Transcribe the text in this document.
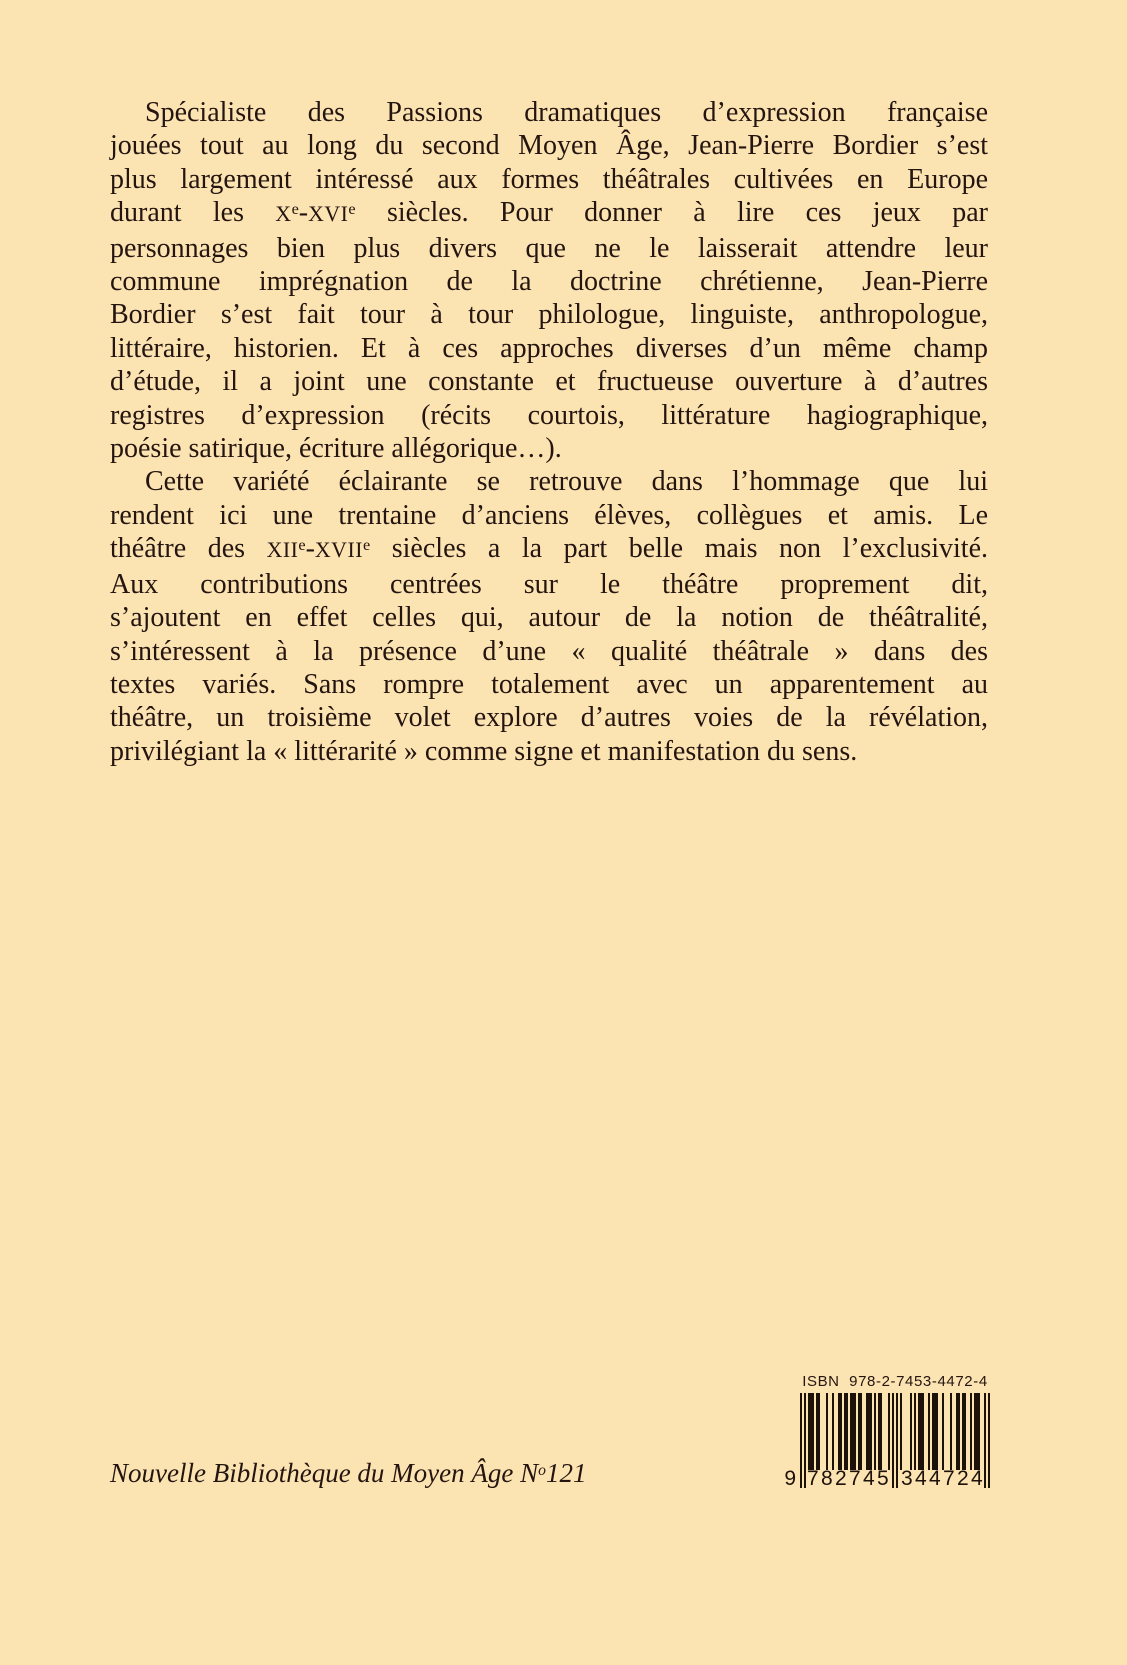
Spécialiste des Passions dramatiques d’expression française
jouées tout au long du second Moyen Âge, Jean-Pierre Bordier s’est
plus largement intéressé aux formes théâtrales cultivées en Europe
durant les Xe-XVIe siècles. Pour donner à lire ces jeux par
personnages bien plus divers que ne le laisserait attendre leur
commune imprégnation de la doctrine chrétienne, Jean-Pierre
Bordier s’est fait tour à tour philologue, linguiste, anthropologue,
littéraire, historien. Et à ces approches diverses d’un même champ
d’étude, il a joint une constante et fructueuse ouverture à d’autres
registres d’expression (récits courtois, littérature hagiographique,
poésie satirique, écriture allégorique…).
Cette variété éclairante se retrouve dans l’hommage que lui
rendent ici une trentaine d’anciens élèves, collègues et amis. Le
théâtre des XIIe-XVIIe siècles a la part belle mais non l’exclusivité.
Aux contributions centrées sur le théâtre proprement dit,
s’ajoutent en effet celles qui, autour de la notion de théâtralité,
s’intéressent à la présence d’une « qualité théâtrale » dans des
textes variés. Sans rompre totalement avec un apparentement au
théâtre, un troisième volet explore d’autres voies de la révélation,
privilégiant la « littérarité » comme signe et manifestation du sens.
ISBN  978-2-7453-4472-4
9 782745 344724
Nouvelle Bibliothèque du Moyen Âge $N^o121$
